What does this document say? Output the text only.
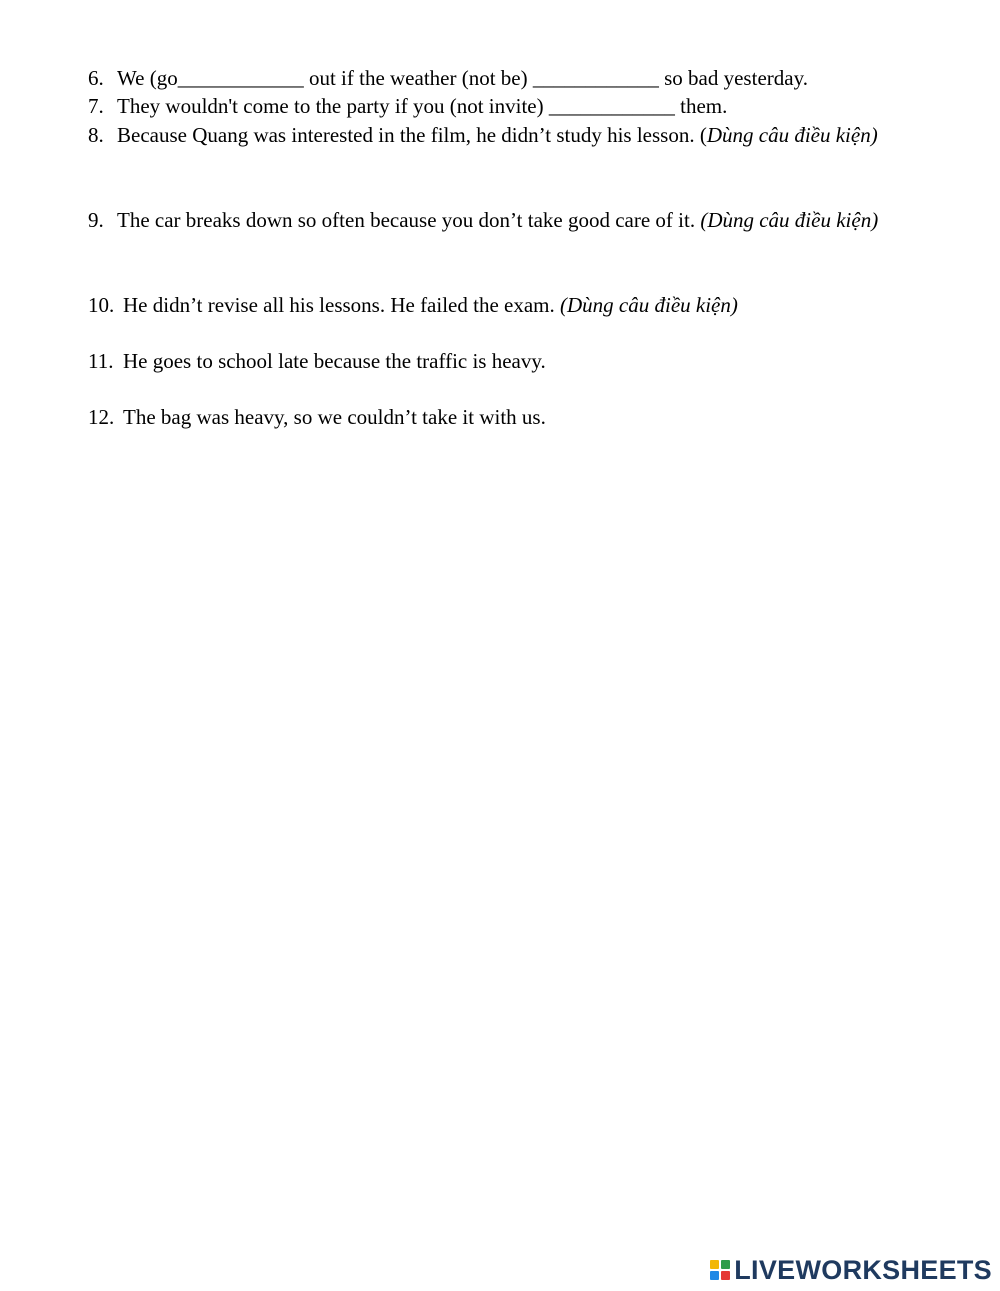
6. We (go____________ out if the weather (not be) ____________ so bad yesterday.
7. They wouldn't come to the party if you (not invite) ____________ them.
8. Because Quang was interested in the film, he didn’t study his lesson. (Dùng câu điều kiện)
9. The car breaks down so often because you don’t take good care of it. (Dùng câu điều kiện)
10. He didn’t revise all his lessons. He failed the exam. (Dùng câu điều kiện)
11. He goes to school late because the traffic is heavy.
12. The bag was heavy, so we couldn’t take it with us.
LIVEWORKSHEETS
